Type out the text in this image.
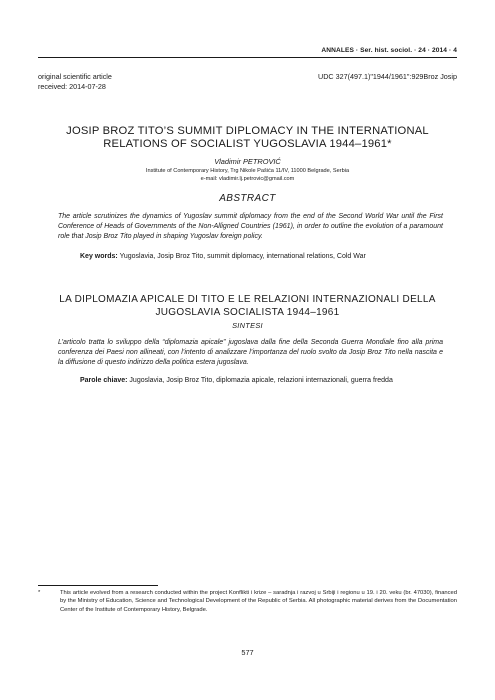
ANNALES · Ser. hist. sociol. · 24 · 2014 · 4
original scientific article
received: 2014-07-28
UDC 327(497.1)"1944/1961":929Broz Josip
JOSIP BROZ TITO’S SUMMIT DIPLOMACY IN THE INTERNATIONAL RELATIONS OF SOCIALIST YUGOSLAVIA 1944–1961*
Vladimir PETROVIĆ
Institute of Contemporary History, Trg Nikole Pašića 11/IV, 11000 Belgrade, Serbia
e-mail: vladimir.lj.petrovic@gmail.com
ABSTRACT
The article scrutinizes the dynamics of Yugoslav summit diplomacy from the end of the Second World War until the First Conference of Heads of Governments of the Non-Alligned Countries (1961), in order to outline the evolution of a paramount role that Josip Broz Tito played in shaping Yugoslav foreign policy.
Key words: Yugoslavia, Josip Broz Tito, summit diplomacy, international relations, Cold War
LA DIPLOMAZIA APICALE DI TITO E LE RELAZIONI INTERNAZIONALI DELLA JUGOSLAVIA SOCIALISTA 1944–1961
SINTESI
L’articolo tratta lo sviluppo della “diplomazia apicale” jugoslava dalla fine della Seconda Guerra Mondiale fino alla prima conferenza dei Paesi non allineati, con l’intento di analizzare l’importanza del ruolo svolto da Josip Broz Tito nella nascita e la diffusione di questo indirizzo della politica estera jugoslava.
Parole chiave: Jugoslavia, Josip Broz Tito, diplomazia apicale, relazioni internazionali, guerra fredda
*	This article evolved from a research conducted within the project Konflikti i krize – saradnja i razvoj u Srbiji i regionu u 19. i 20. veku (br. 47030), financed by the Ministry of Education, Science and Technological Development of the Republic of Serbia. All photographic material derives from the Documentation Center of the Institute of Contemporary History, Belgrade.
577
